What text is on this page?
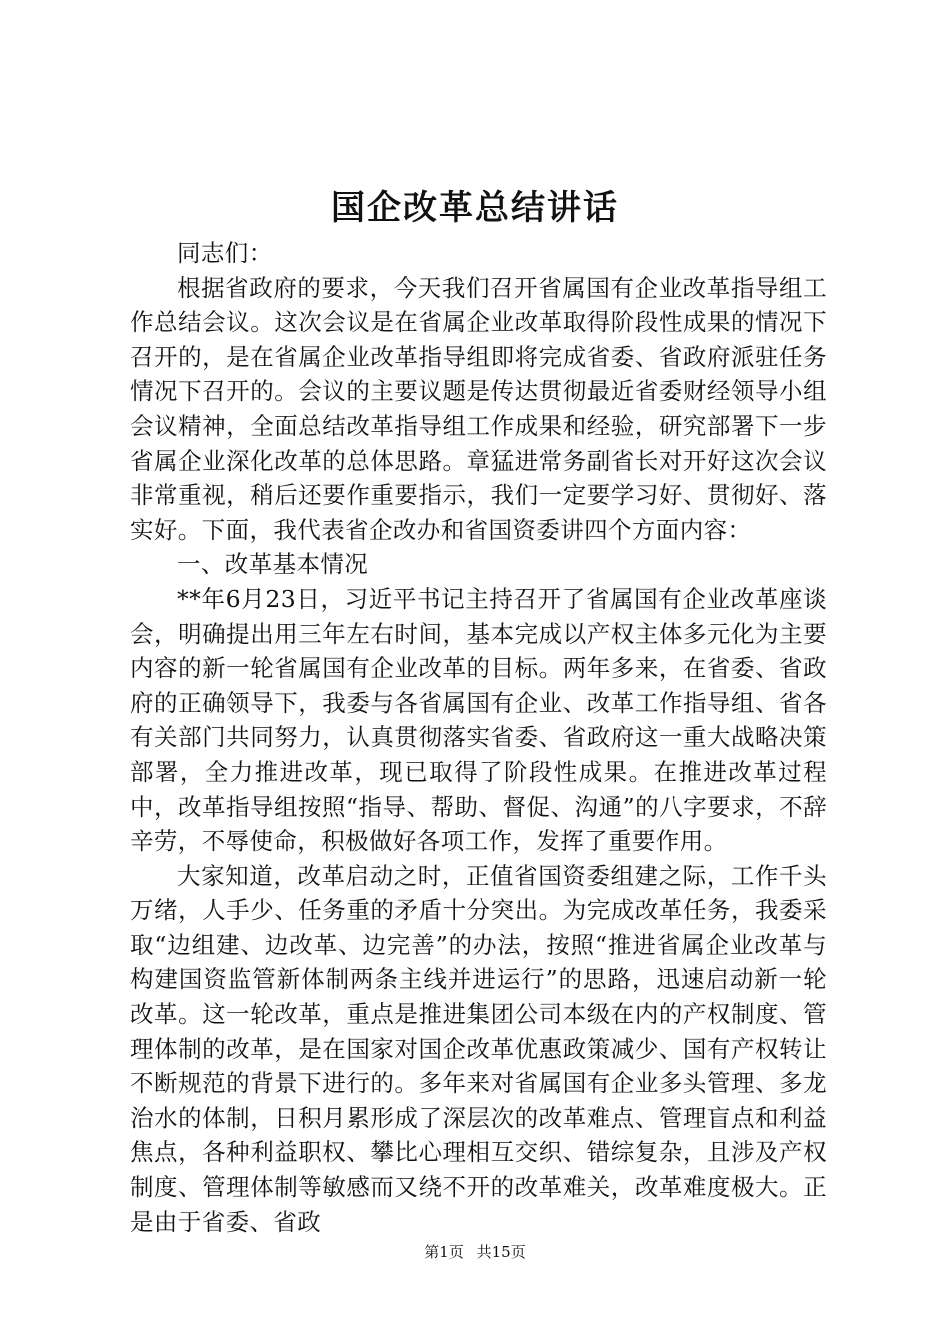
国企改革总结讲话

同志们：

根据省政府的要求，今天我们召开省属国有企业改革指导组工作总结会议。这次会议是在省属企业改革取得阶段性成果的情况下召开的，是在省属企业改革指导组即将完成省委、省政府派驻任务情况下召开的。会议的主要议题是传达贯彻最近省委财经领导小组会议精神，全面总结改革指导组工作成果和经验，研究部署下一步省属企业深化改革的总体思路。章猛进常务副省长对开好这次会议非常重视，稍后还要作重要指示，我们一定要学习好、贯彻好、落实好。下面，我代表省企改办和省国资委讲四个方面内容：

一、改革基本情况

**年6月23日，习近平书记主持召开了省属国有企业改革座谈会，明确提出用三年左右时间，基本完成以产权主体多元化为主要内容的新一轮省属国有企业改革的目标。两年多来，在省委、省政府的正确领导下，我委与各省属国有企业、改革工作指导组、省各有关部门共同努力，认真贯彻落实省委、省政府这一重大战略决策部署，全力推进改革，现已取得了阶段性成果。在推进改革过程中，改革指导组按照“指导、帮助、督促、沟通”的八字要求，不辞辛劳，不辱使命，积极做好各项工作，发挥了重要作用。

大家知道，改革启动之时，正值省国资委组建之际，工作千头万绪，人手少、任务重的矛盾十分突出。为完成改革任务，我委采取“边组建、边改革、边完善”的办法，按照“推进省属企业改革与构建国资监管新体制两条主线并进运行”的思路，迅速启动新一轮改革。这一轮改革，重点是推进集团公司本级在内的产权制度、管理体制的改革，是在国家对国企改革优惠政策减少、国有产权转让不断规范的背景下进行的。多年来对省属国有企业多头管理、多龙治水的体制，日积月累形成了深层次的改革难点、管理盲点和利益焦点，各种利益职权、攀比心理相互交织、错综复杂，且涉及产权制度、管理体制等敏感而又绕不开的改革难关，改革难度极大。正是由于省委、省政

第1页 共15页
